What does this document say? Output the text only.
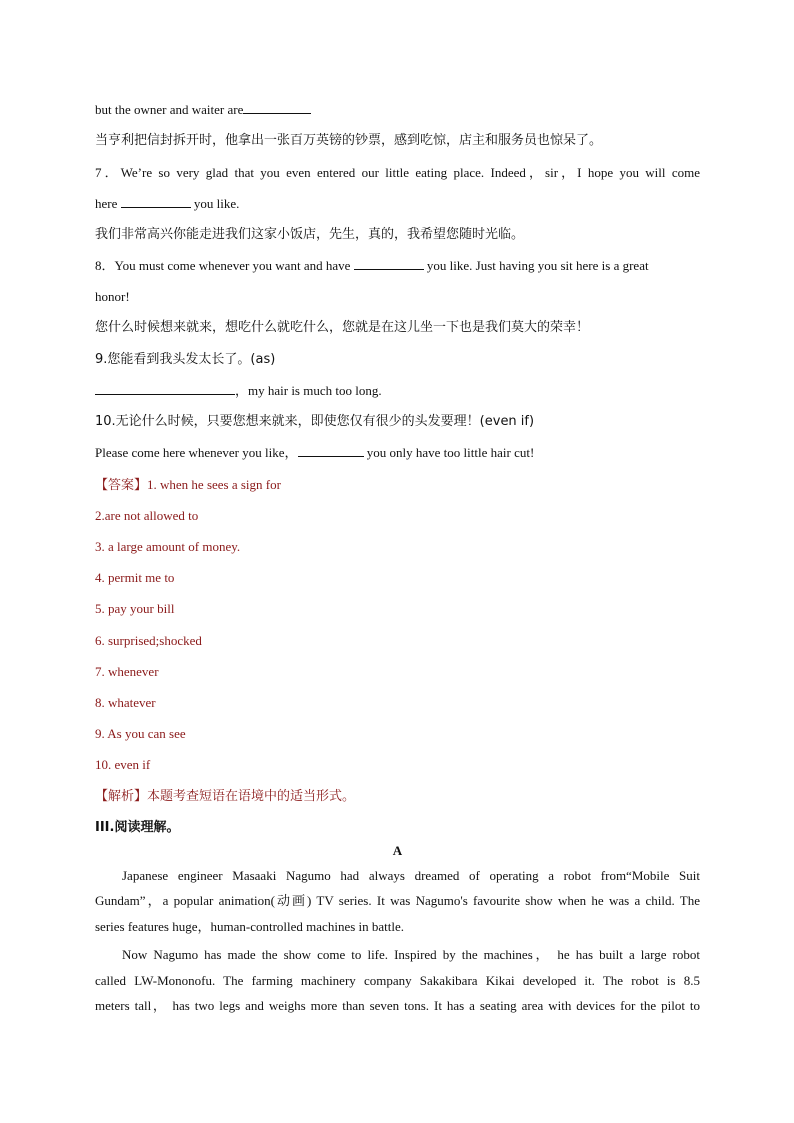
but the owner and waiter are
当亨利把信封拆开时，他拿出一张百万英镑的钞票，感到吃惊，店主和服务员也惊呆了。
7．We’re so very glad that you even entered our little eating place. Indeed，sir，I hope you will come
here	you like.
我们非常高兴你能走进我们这家小饭店，先生，真的，我希望您随时光临。
8．You must come whenever you want and have	you like. Just having you sit here is a great
honor!
您什么时候想来就来，想吃什么就吃什么，您就是在这儿坐一下也是我们莫大的荣幸！
9.您能看到我头发太长了。(as)
，my hair is much too long.
10.无论什么时候，只要您想来就来，即使您仅有很少的头发要理！(even if)
Please come here whenever you like，	you only have too little hair cut!
【答案】1. when he sees a sign for
2.are not allowed to
3. a large amount of money.
4. permit me to
5. pay your bill
6. surprised;shocked
7. whenever
8. whatever
9. As you can see
10. even if
【解析】本题考查短语在语境中的适当形式。
III.阅读理解。
A
Japanese engineer Masaaki Nagumo had always dreamed of operating a robot from“Mobile Suit
Gundam”，a popular animation(动画) TV series. It was Nagumo's favourite show when he was a child. The
series features huge，human-controlled machines in battle.
Now Nagumo has made the show come to life. Inspired by the machines， he has built a large robot
called LW-Mononofu. The farming machinery company Sakakibara Kikai developed it. The robot is 8.5
meters tall， has two legs and weighs more than seven tons. It has a seating area with devices for the pilot to
